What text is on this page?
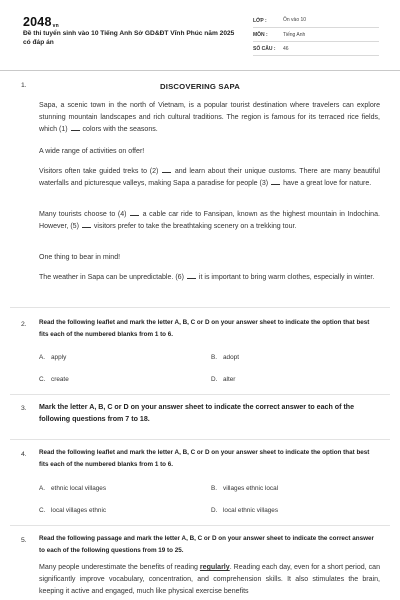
$2048_{vn}$
Đề thi tuyển sinh vào 10 Tiếng Anh Sở GD&ĐT Vĩnh Phúc năm 2025 có đáp án
LỚP :	Ôn vào 10
MÔN :	Tiếng Anh
SỐ CÂU : 46
1.	DISCOVERING SAPA
Sapa, a scenic town in the north of Vietnam, is a popular tourist destination where travelers can explore stunning mountain landscapes and rich cultural traditions. The region is famous for its terraced rice fields, which (1) colors with the seasons.
A wide range of activities on offer!
Visitors often take guided treks to (2) and learn about their unique customs. There are many beautiful waterfalls and picturesque valleys, making Sapa a paradise for people (3) have a great love for nature.
Many tourists choose to (4) a cable car ride to Fansipan, known as the highest mountain in Indochina. However, (5) visitors prefer to take the breathtaking scenery on a trekking tour.
One thing to bear in mind!
The weather in Sapa can be unpredictable. (6) it is important to bring warm clothes, especially in winter.
2. Read the following leaflet and mark the letter A, B, C or D on your answer sheet to indicate the option that best fits each of the numbered blanks from 1 to 6.
A. apply	B. adopt
C. create	D. alter
3. Mark the letter A, B, C or D on your answer sheet to indicate the correct answer to each of the following questions from 7 to 18.
4. Read the following leaflet and mark the letter A, B, C or D on your answer sheet to indicate the option that best fits each of the numbered blanks from 1 to 6.
A. ethnic local villages	B. villages ethnic local
C. local villages ethnic	D. local ethnic villages
5. Read the following passage and mark the letter A, B, C or D on your answer sheet to indicate the correct answer to each of the following questions from 19 to 25.
Many people underestimate the benefits of reading regularly. Reading each day, even for a short period, can significantly improve vocabulary, concentration, and comprehension skills. It also stimulates the brain, keeping it active and engaged, much like physical exercise benefits
